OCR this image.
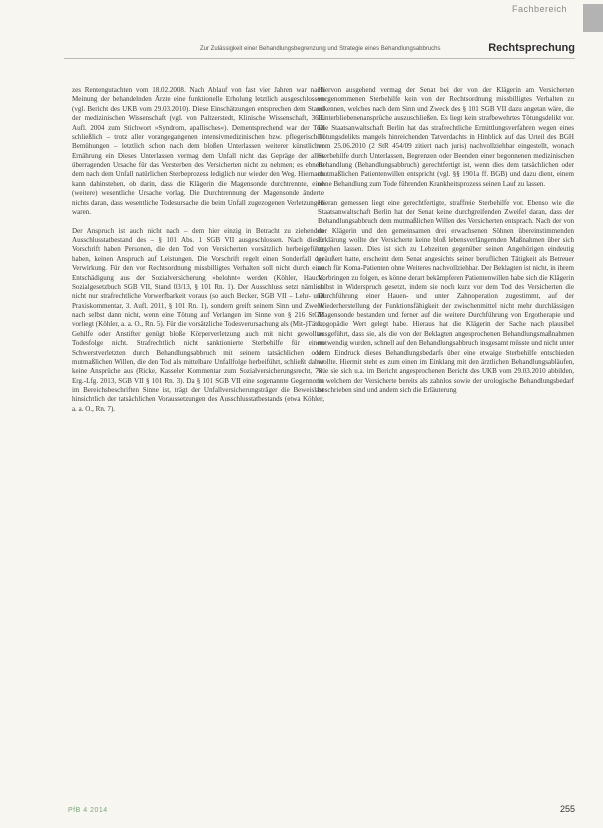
Fachbereich
Zur Zulässigkeit einer Behandlungsbegrenzung und Strategie eines Behandlungsabbruchs	Rechtsprechung

zes Rentengutachten vom 18.02.2008. Nach Ablauf von fast vier Jahren war nach Meinung der behandelnden Ärzte eine funktionelle Erholung letztlich ausgeschlossen (vgl. Bericht des UKB vom 29.03.2010). Diese Einschätzungen entsprechen dem Stand der medizinischen Wissenschaft (vgl. von Paltzerstedt, Klinische Wissenschaft, 360. Aufl. 2004 zum Stichwort »Syndrom, apallisches«). Dementsprechend war der Tod schließlich – trotz aller vorangegangenen intensivmedizinischen bzw. pflegerischen Bemühungen – letztlich schon nach dem bloßen Unterlassen weiterer künstlicher Ernährung ein Dieses Unterlassen vermag dem Unfall nicht das Gepräge der alles überragenden Ursache für das Versterben des Versicherten nicht zu nehmen; es ebnete dem nach dem Unfall natürlichen Sterbeprozess lediglich nur wieder den Weg. Hiernach kann dahinstehen, ob darin, dass die Klägerin die Magensonde durchtrennte, eine (weitere) wesentliche Ursache vorlag. Die Durchtrennung der Magensonde änderte nichts daran, dass wesentliche Todesursache die beim Unfall zugezogenen Verletzungen waren.

Der Anspruch ist auch nicht nach – dem hier einzig in Betracht zu ziehenden Ausschlusstatbestand des – § 101 Abs. 1 SGB VII ausgeschlossen. Nach dieser Vorschrift haben Personen, die den Tod von Versicherten vorsätzlich herbeigeführt haben, keinen Anspruch auf Leistungen. Die Vorschrift regelt einen Sonderfall der Verwirkung. Für den vor Rechtsordnung missbilligtes Verhalten soll nicht durch eine Entschädigung aus der Sozialversicherung »belohnt« werden (Köhler, Hauck, Sozialgesetzbuch SGB VII, Stand 03/13, § 101 Rn. 1). Der Ausschluss setzt nämlich nicht nur strafrechtliche Vorwerfbarkeit voraus (so auch Becker, SGB VII – Lehr- und Praxiskommentar, 3. Aufl. 2011, § 101 Rn. 1), sondern greift seinem Sinn und Zweck nach selbst dann nicht, wenn eine Tötung auf Verlangen im Sinne von § 216 StGB vorliegt (Köhler, a. a. O., Rn. 5). Für die vorsätzliche Todesverursachung als (Mit-)Täter, Gehilfe oder Anstifter genügt bloße Körperverletzung auch mit nicht gewollter Todesfolge nicht. Strafrechtlich nicht sanktionierte Sterbehilfe für einen Schwerstverletzten durch Behandlungsabbruch mit seinem tatsächlichen oder mutmaßlichen Willen, die den Tod als mittelbare Unfallfolge herbeiführt, schließt daher keine Ansprüche aus (Ricke, Kasseler Kommentar zum Sozialversicherungsrecht, 78. Erg.-Lfg. 2013, SGB VII § 101 Rn. 3). Da § 101 SGB VII eine sogenannte Gegennorm im Bereichsbeschriften Sinne ist, trägt der Unfallversicherungsträger die Beweislast hinsichtlich der tatsächlichen Voraussetzungen des Ausschlusstatbestands (etwa Köhler, a. a. O., Rn. 7).

Hiervon ausgehend vermag der Senat bei der von der Klägerin am Versicherten vorgenommenen Sterbehilfe kein von der Rechtsordnung missbilligtes Verhalten zu erkennen, welches nach dem Sinn und Zweck des § 101 SGB VII dazu angetan wäre, die Hinterbliebenenansprüche auszuschließen. Es liegt kein strafbewehrtes Tötungsdelikt vor. Die Staatsanwaltschaft Berlin hat das strafrechtliche Ermittlungsverfahren wegen eines Tötungsdelikts mangels hinreichenden Tatverdachts in Hinblick auf das Urteil des BGH vom 25.06.2010 (2 StR 454/09 zitiert nach juris) nachvollziehbar eingestellt, wonach Sterbehilfe durch Unterlassen, Begrenzen oder Beenden einer begonnenen medizinischen Behandlung (Behandlungsabbruch) gerechtfertigt ist, wenn dies dem tatsächlichen oder mutmaßlichen Patientenwillen entspricht (vgl. §§ 1901a ff. BGB) und dazu dient, einem ohne Behandlung zum Tode führenden Krankheitsprozess seinen Lauf zu lassen.

Hieran gemessen liegt eine gerechtfertigte, straffreie Sterbehilfe vor. Ebenso wie die Staatsanwaltschaft Berlin hat der Senat keine durchgreifenden Zweifel daran, dass der Behandlungsabbruch dem mutmaßlichen Willen des Versicherten entsprach. Nach der von der Klägerin und den gemeinsamen drei erwachsenen Söhnen übereinstimmenden Erklärung wollte der Versicherte keine bloß lebensverlängernden Maßnahmen über sich ergehen lassen. Dies ist sich zu Lebzeiten gegenüber seinen Angehörigen eindeutig geäußert hatte, erscheint dem Senat angesichts seiner beruflichen Tätigkeit als Betreuer auch für Koma-Patienten ohne Weiteres nachvollziehbar. Der Beklagten ist nicht, in ihrem Vorbringen zu folgen, es könne derart bekämpferen Patientenwillen habe sich die Klägerin selbst in Widerspruch gesetzt, indem sie noch kurz vor dem Tod des Versicherten die Durchführung einer Hauen- und unter Zahnoperation zugestimmt, auf der Wiederherstellung der Funktionsfähigkeit der zwischenmittel nicht mehr durchlässigen Magensonde bestanden und ferner auf die weitere Durchführung von Ergotherapie und Logopädie Wert gelegt habe. Hieraus hat die Klägerin der Sache nach plausibel ausgeführt, dass sie, als die von der Beklagten angesprochenen Behandlungsmaßnahmen notwendig wurden, schnell auf den Behandlungsabbruch insgesamt müsste und nicht unter dem Eindruck dieses Behandlungsbedarfs über eine etwaige Sterbehilfe entschieden wollte. Hiermit steht es zum einen im Einklang mit den ärztlichen Behandlungsabläufen, wie sie sich u.a. im Bericht angesprochenen Bericht des UKB vom 29.03.2010 abbilden, in welchem der Versicherte bereits als zahnlos sowie der urologische Behandlungsbedarf beschrieben sind und andem sich die Erläuterung

PfB 4 2014	255
